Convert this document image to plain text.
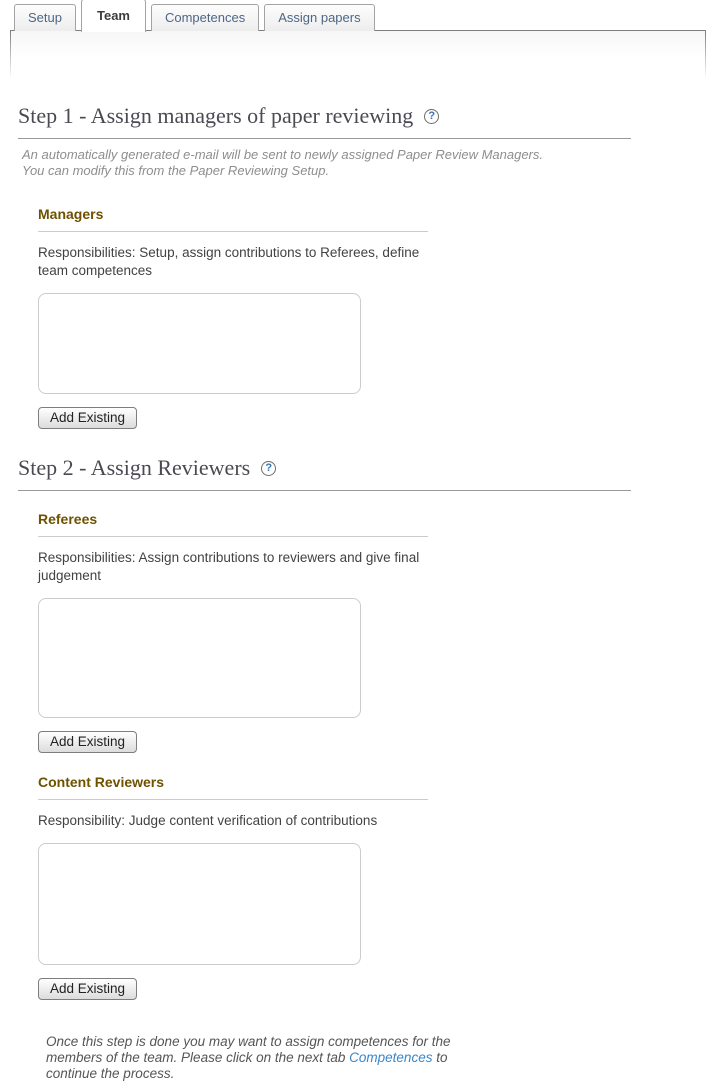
Setup	Team	Competences	Assign papers
Step 1 - Assign managers of paper reviewing	?
An automatically generated e-mail will be sent to newly assigned Paper Review Managers.
You can modify this from the Paper Reviewing Setup.
Managers
Responsibilities: Setup, assign contributions to Referees, define team competences
Add Existing
Step 2 - Assign Reviewers	?
Referees
Responsibilities: Assign contributions to reviewers and give final judgement
Add Existing
Content Reviewers
Responsibility: Judge content verification of contributions
Add Existing
Once this step is done you may want to assign competences for the members of the team. Please click on the next tab Competences to continue the process.
